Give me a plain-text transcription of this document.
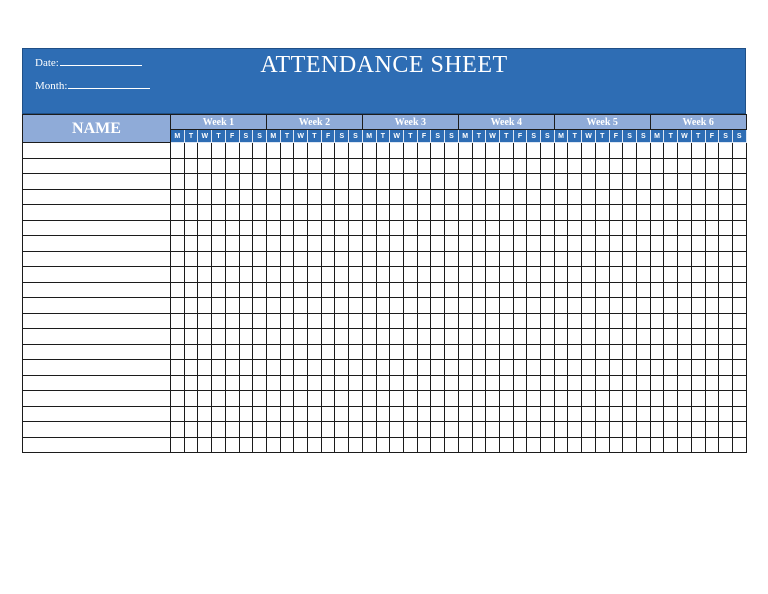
Date:
Month:
ATTENDANCE SHEET
NAME	Week 1							Week 2							Week 3							Week 4							Week 5							Week 6						
	M	T	W	T	F	S	S	M	T	W	T	F	S	S	M	T	W	T	F	S	S	M	T	W	T	F	S	S	M	T	W	T	F	S	S	M	T	W	T	F	S	S
